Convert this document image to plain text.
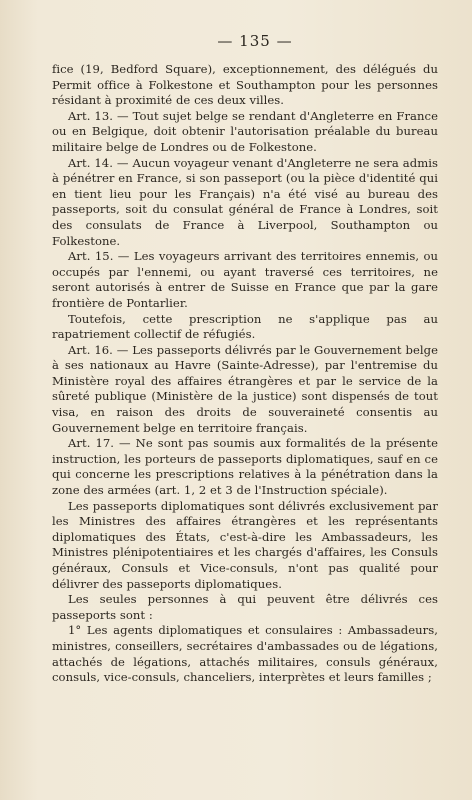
— 135 —

fice (19, Bedford Square), exceptionnement, des délégués du Permit office à Folkestone et Southampton pour les personnes résidant à proximité de ces deux villes.

Art. 13. — Tout sujet belge se rendant d'Angleterre en France ou en Belgique, doit obtenir l'autorisation préalable du bureau militaire belge de Londres ou de Folkestone.

Art. 14. — Aucun voyageur venant d'Angleterre ne sera admis à pénétrer en France, si son passeport (ou la pièce d'identité qui en tient lieu pour les Français) n'a été visé au bureau des passeports, soit du consulat général de France à Londres, soit des consulats de France à Liverpool, Southampton ou Folkestone.

Art. 15. — Les voyageurs arrivant des territoires ennemis, ou occupés par l'ennemi, ou ayant traversé ces territoires, ne seront autorisés à entrer de Suisse en France que par la gare frontière de Pontarlier.

Toutefois, cette prescription ne s'applique pas au rapatriement collectif de réfugiés.

Art. 16. — Les passeports délivrés par le Gouvernement belge à ses nationaux au Havre (Sainte-Adresse), par l'entremise du Ministère royal des affaires étrangères et par le service de la sûreté publique (Ministère de la justice) sont dispensés de tout visa, en raison des droits de souveraineté consentis au Gouvernement belge en territoire français.

Art. 17. — Ne sont pas soumis aux formalités de la présente instruction, les porteurs de passeports diplomatiques, sauf en ce qui concerne les prescriptions relatives à la pénétration dans la zone des armées (art. 1, 2 et 3 de l'Instruction spéciale).

Les passeports diplomatiques sont délivrés exclusivement par les Ministres des affaires étrangères et les représentants diplomatiques des États, c'est-à-dire les Ambassadeurs, les Ministres plénipotentiaires et les chargés d'affaires, les Consuls généraux, Consuls et Vice-consuls, n'ont pas qualité pour délivrer des passeports diplomatiques.

Les seules personnes à qui peuvent être délivrés ces passeports sont :

1° Les agents diplomatiques et consulaires : Ambassadeurs, ministres, conseillers, secrétaires d'ambassades ou de légations, attachés de légations, attachés militaires, consuls généraux, consuls, vice-consuls, chanceliers, interprètes et leurs familles ;
